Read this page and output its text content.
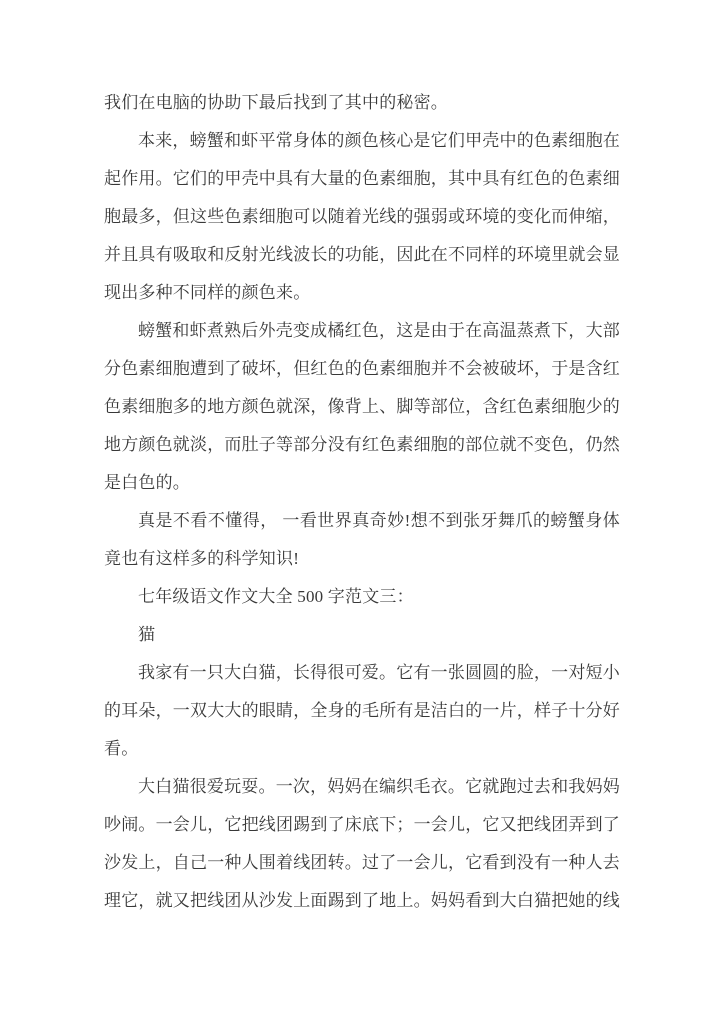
我们在电脑的协助下最后找到了其中的秘密。

本来，螃蟹和虾平常身体的颜色核心是它们甲壳中的色素细胞在起作用。它们的甲壳中具有大量的色素细胞，其中具有红色的色素细胞最多，但这些色素细胞可以随着光线的强弱或环境的变化而伸缩，并且具有吸取和反射光线波长的功能，因此在不同样的环境里就会显现出多种不同样的颜色来。

螃蟹和虾煮熟后外壳变成橘红色，这是由于在高温蒸煮下，大部分色素细胞遭到了破坏，但红色的色素细胞并不会被破坏，于是含红色素细胞多的地方颜色就深，像背上、脚等部位，含红色素细胞少的地方颜色就淡，而肚子等部分没有红色素细胞的部位就不变色，仍然是白色的。

真是不看不懂得， 一看世界真奇妙!想不到张牙舞爪的螃蟹身体竟也有这样多的科学知识!

七年级语文作文大全 500 字范文三：

猫

我家有一只大白猫，长得很可爱。它有一张圆圆的脸，一对短小的耳朵，一双大大的眼睛，全身的毛所有是洁白的一片，样子十分好看。

大白猫很爱玩耍。一次，妈妈在编织毛衣。它就跑过去和我妈妈吵闹。一会儿，它把线团踢到了床底下；一会儿，它又把线团弄到了沙发上，自己一种人围着线团转。过了一会儿，它看到没有一种人去理它，就又把线团从沙发上面踢到了地上。妈妈看到大白猫把她的线
